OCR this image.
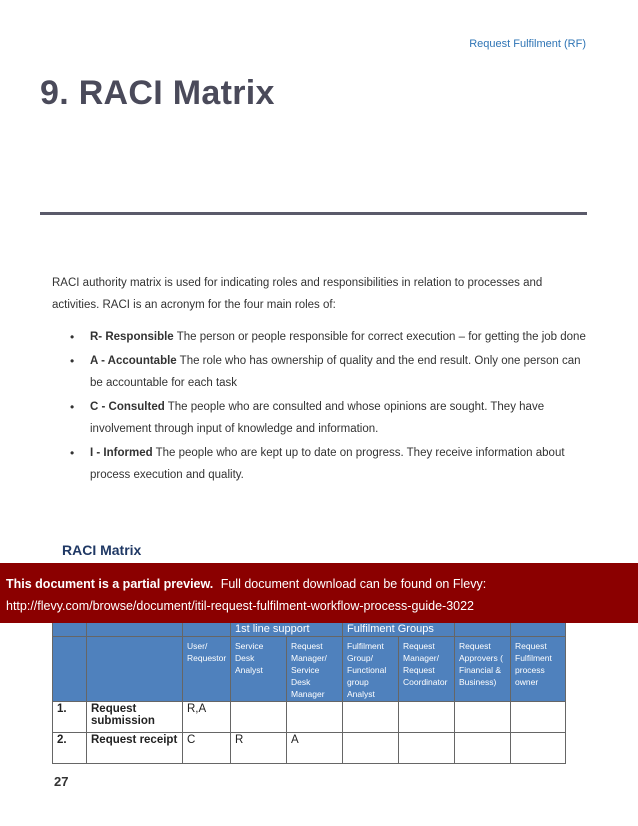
Request Fulfilment (RF)
9. RACI Matrix
RACI authority matrix is used for indicating roles and responsibilities in relation to processes and activities. RACI is an acronym for the four main roles of:
• R- Responsible The person or people responsible for correct execution – for getting the job done
• A - Accountable The role who has ownership of quality and the end result. Only one person can be accountable for each task
• C - Consulted The people who are consulted and whose opinions are sought. They have involvement through input of knowledge and information.
• I - Informed The people who are kept up to date on progress. They receive information about process execution and quality.
RACI Matrix
			1st line support		Fulfilment Groups			
		User/ Requestor	Service Desk Analyst	Request Manager/ Service Desk Manager	Fulfilment Group/ Functional group Analyst	Request Manager/ Request Coordinator	Request Approvers ( Financial & Business)	Request Fulfilment process owner
1.	Request submission	R,A						
2.	Request receipt	C	R	A				
This document is a partial preview. Full document download can be found on Flevy:
http://flevy.com/browse/document/itil-request-fulfilment-workflow-process-guide-3022
27
